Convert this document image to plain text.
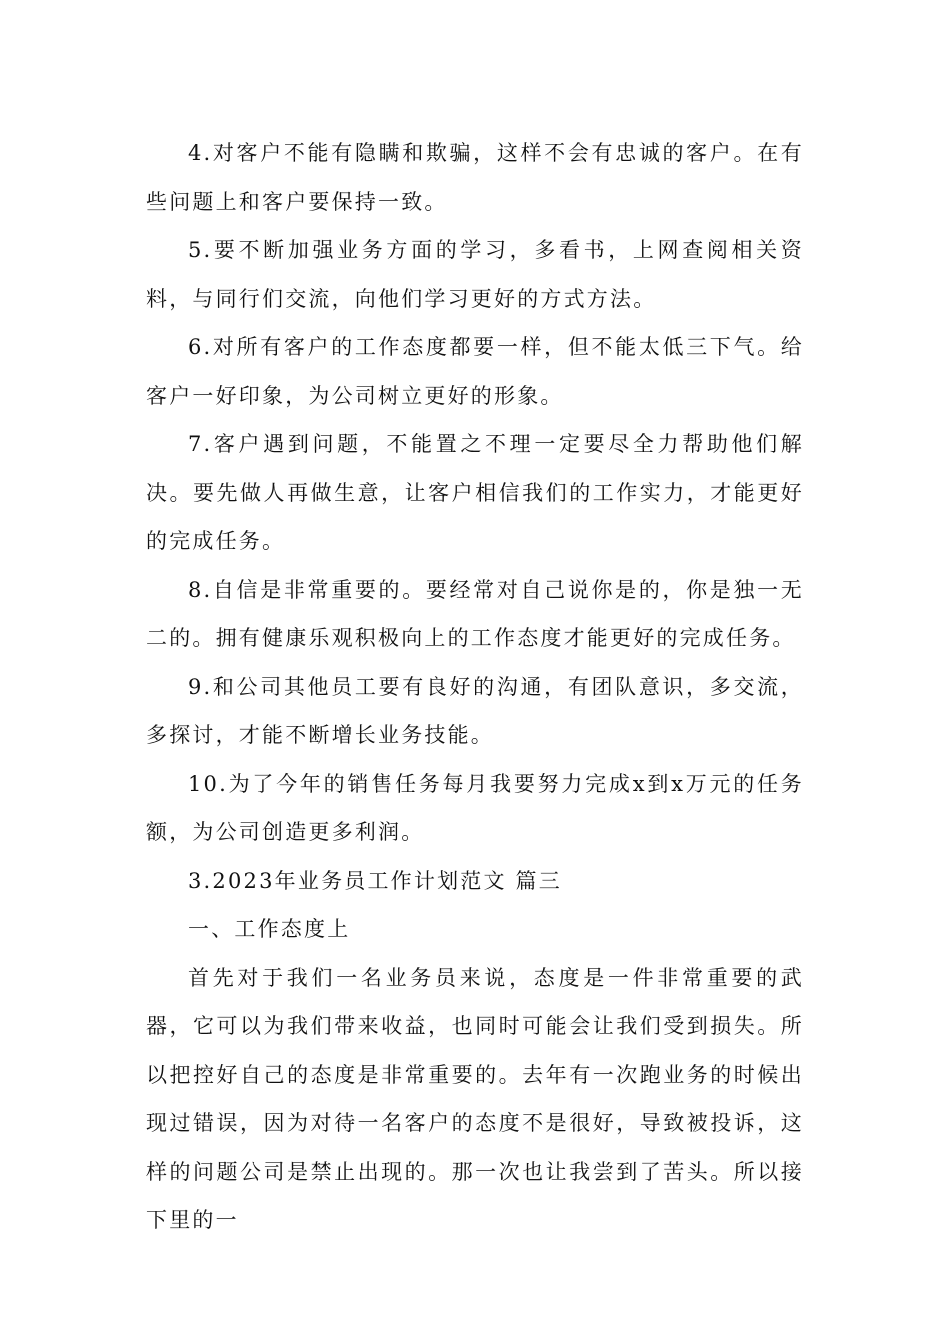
4.对客户不能有隐瞒和欺骗，这样不会有忠诚的客户。在有些问题上和客户要保持一致。

5.要不断加强业务方面的学习，多看书，上网查阅相关资料，与同行们交流，向他们学习更好的方式方法。

6.对所有客户的工作态度都要一样，但不能太低三下气。给客户一好印象，为公司树立更好的形象。

7.客户遇到问题，不能置之不理一定要尽全力帮助他们解决。要先做人再做生意，让客户相信我们的工作实力，才能更好的完成任务。

8.自信是非常重要的。要经常对自己说你是的，你是独一无二的。拥有健康乐观积极向上的工作态度才能更好的完成任务。

9.和公司其他员工要有良好的沟通，有团队意识，多交流，多探讨，才能不断增长业务技能。

10.为了今年的销售任务每月我要努力完成x到x万元的任务额，为公司创造更多利润。

3.2023年业务员工作计划范文 篇三

一、工作态度上

首先对于我们一名业务员来说，态度是一件非常重要的武器，它可以为我们带来收益，也同时可能会让我们受到损失。所以把控好自己的态度是非常重要的。去年有一次跑业务的时候出现过错误，因为对待一名客户的态度不是很好，导致被投诉，这样的问题公司是禁止出现的。那一次也让我尝到了苦头。所以接下里的一
